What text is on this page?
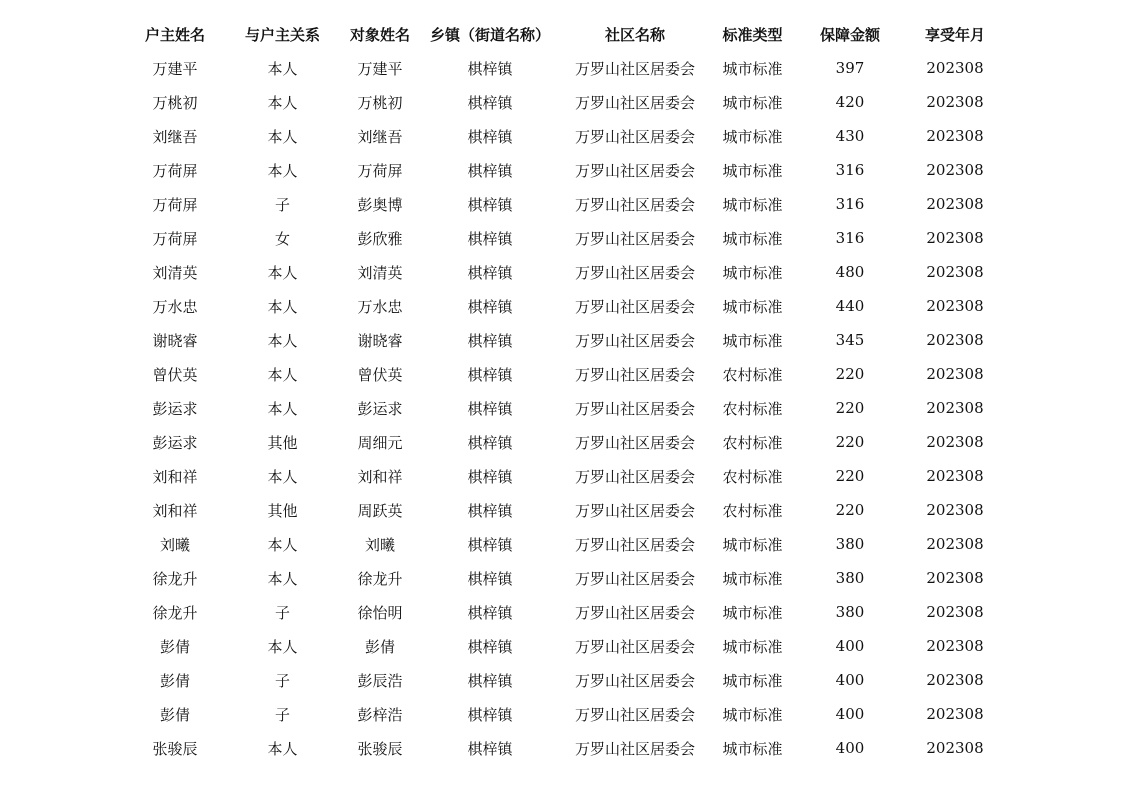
户主姓名	与户主关系	对象姓名	乡镇（街道名称）	社区名称	标准类型	保障金额	享受年月
万建平	本人	万建平	棋梓镇	万罗山社区居委会	城市标准	397	202308
万桃初	本人	万桃初	棋梓镇	万罗山社区居委会	城市标准	420	202308
刘继吾	本人	刘继吾	棋梓镇	万罗山社区居委会	城市标准	430	202308
万荷屏	本人	万荷屏	棋梓镇	万罗山社区居委会	城市标准	316	202308
万荷屏	子	彭奥博	棋梓镇	万罗山社区居委会	城市标准	316	202308
万荷屏	女	彭欣雅	棋梓镇	万罗山社区居委会	城市标准	316	202308
刘清英	本人	刘清英	棋梓镇	万罗山社区居委会	城市标准	480	202308
万水忠	本人	万水忠	棋梓镇	万罗山社区居委会	城市标准	440	202308
谢晓睿	本人	谢晓睿	棋梓镇	万罗山社区居委会	城市标准	345	202308
曾伏英	本人	曾伏英	棋梓镇	万罗山社区居委会	农村标准	220	202308
彭运求	本人	彭运求	棋梓镇	万罗山社区居委会	农村标准	220	202308
彭运求	其他	周细元	棋梓镇	万罗山社区居委会	农村标准	220	202308
刘和祥	本人	刘和祥	棋梓镇	万罗山社区居委会	农村标准	220	202308
刘和祥	其他	周跃英	棋梓镇	万罗山社区居委会	农村标准	220	202308
刘曦	本人	刘曦	棋梓镇	万罗山社区居委会	城市标准	380	202308
徐龙升	本人	徐龙升	棋梓镇	万罗山社区居委会	城市标准	380	202308
徐龙升	子	徐怡明	棋梓镇	万罗山社区居委会	城市标准	380	202308
彭倩	本人	彭倩	棋梓镇	万罗山社区居委会	城市标准	400	202308
彭倩	子	彭辰浩	棋梓镇	万罗山社区居委会	城市标准	400	202308
彭倩	子	彭梓浩	棋梓镇	万罗山社区居委会	城市标准	400	202308
张骏辰	本人	张骏辰	棋梓镇	万罗山社区居委会	城市标准	400	202308
